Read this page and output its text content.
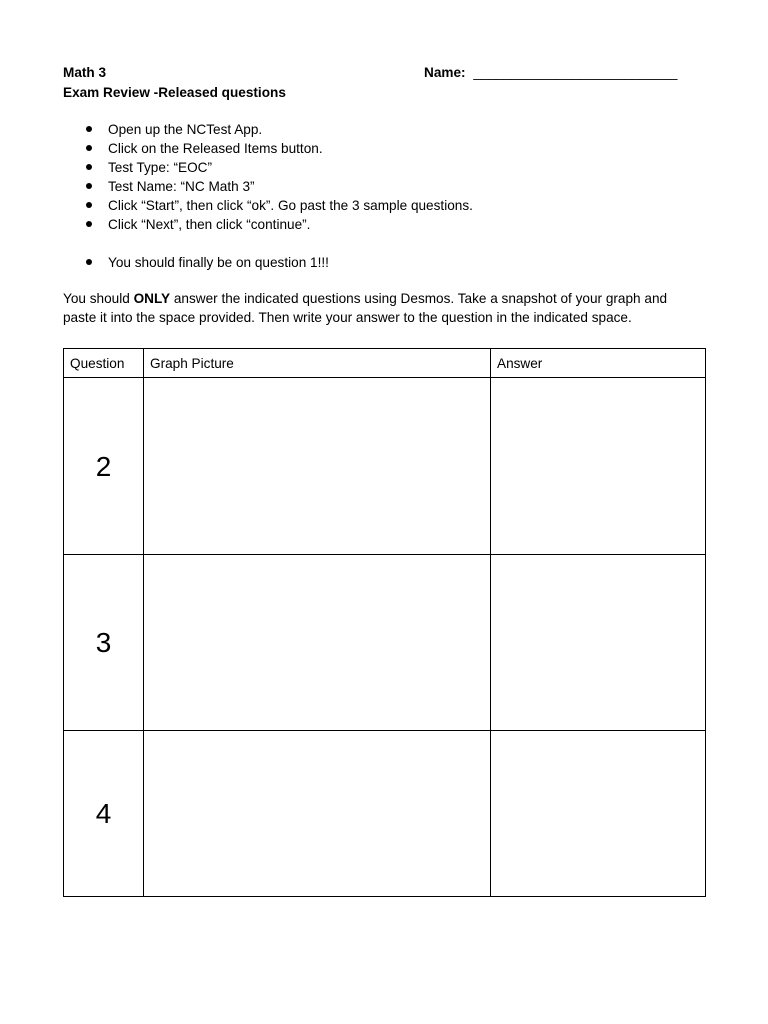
Math 3	Name: ___________________________
Exam Review -Released questions
Open up the NCTest App.
Click on the Released Items button.
Test Type: “EOC”
Test Name: “NC Math 3”
Click “Start”, then click “ok”. Go past the 3 sample questions.
Click “Next”, then click “continue”.
You should finally be on question 1!!!

You should ONLY answer the indicated questions using Desmos. Take a snapshot of your graph and

paste it into the space provided. Then write your answer to the question in the indicated space.

Question	Graph Picture	Answer
2		
3		
4		
